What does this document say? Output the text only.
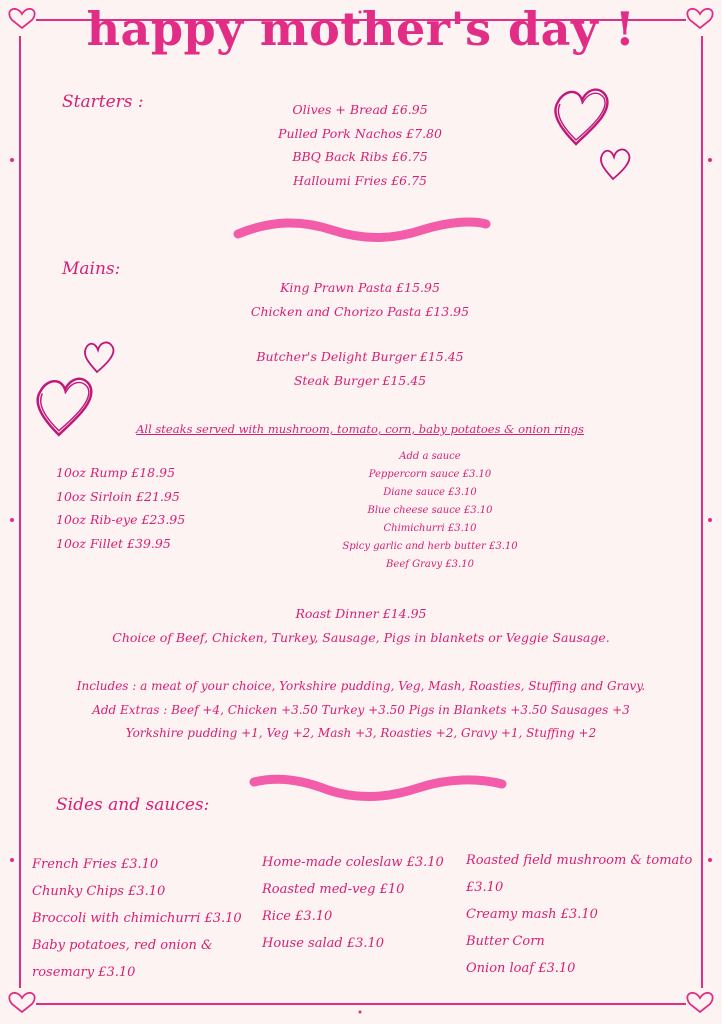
happy mother's day !
Starters :	Olives + Bread £6.95
Pulled Pork Nachos £7.80
BBQ Back Ribs £6.75
Halloumi Fries £6.75
Mains:
King Prawn Pasta £15.95
Chicken and Chorizo Pasta £13.95
Butcher's Delight Burger £15.45
Steak Burger £15.45
All steaks served with mushroom, tomato, corn, baby potatoes & onion rings
10oz Rump £18.95
10oz Sirloin £21.95
10oz Rib-eye £23.95
10oz Fillet £39.95
Add a sauce
Peppercorn sauce £3.10
Diane sauce £3.10
Blue cheese sauce £3.10
Chimichurri £3.10
Spicy garlic and herb butter £3.10
Beef Gravy £3.10
Roast Dinner £14.95
Choice of Beef, Chicken, Turkey, Sausage, Pigs in blankets or Veggie Sausage.
Includes : a meat of your choice, Yorkshire pudding, Veg, Mash, Roasties, Stuffing and Gravy.
Add Extras : Beef +4, Chicken +3.50 Turkey +3.50 Pigs in Blankets +3.50 Sausages +3
Yorkshire pudding +1, Veg +2, Mash +3, Roasties +2, Gravy +1, Stuffing +2
Sides and sauces:
French Fries £3.10
Chunky Chips £3.10
Broccoli with chimichurri £3.10
Baby potatoes, red onion &
rosemary £3.10
Home-made coleslaw £3.10
Roasted med-veg £10
Rice £3.10
House salad £3.10
Roasted field mushroom & tomato
£3.10
Creamy mash £3.10
Butter Corn
Onion loaf £3.10
